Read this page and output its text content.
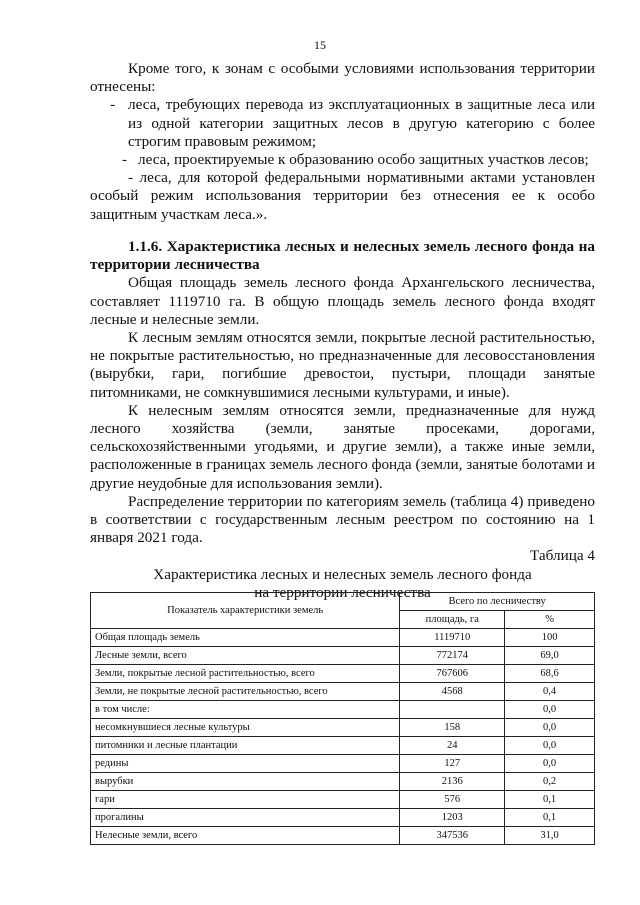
15

Кроме того, к зонам с особыми условиями использования территории отнесены:

- леса, требующих перевода из эксплуатационных в защитные леса или из одной категории защитных лесов в другую категорию с более строгим правовым режимом;

- леса, проектируемые к образованию особо защитных участков лесов;

- леса, для которой федеральными нормативными актами установлен особый режим использования территории без отнесения ее к особо защитным участкам леса.».

1.1.6. Характеристика лесных и нелесных земель лесного фонда на территории лесничества

Общая площадь земель лесного фонда Архангельского лесничества, составляет 1119710 га. В общую площадь земель лесного фонда входят лесные и нелесные земли.

К лесным землям относятся земли, покрытые лесной растительностью, не покрытые растительностью, но предназначенные для лесовосстановления (вырубки, гари, погибшие древостои, пустыри, площади занятые питомниками, не сомкнувшимися лесными культурами, и иные).

К нелесным землям относятся земли, предназначенные для нужд лесного хозяйства (земли, занятые просеками, дорогами, сельскохозяйственными угодьями, и другие земли), а также иные земли, расположенные в границах земель лесного фонда (земли, занятые болотами и другие неудобные для использования земли).

Распределение территории по категориям земель (таблица 4) приведено в соответствии с государственным лесным реестром по состоянию на 1 января 2021 года.

Таблица 4

Характеристика лесных и нелесных земель лесного фонда

на территории лесничества

Показатель характеристики земель	Всего по лесничеству	
	площадь, га	%
Общая площадь земель	1119710	100
Лесные земли, всего	772174	69,0
Земли, покрытые лесной растительностью, всего	767606	68,6
Земли, не покрытые лесной растительностью, всего	4568	0,4
в том числе:		0,0
несомкнувшиеся лесные культуры	158	0,0
питомники и лесные плантации	24	0,0
редины	127	0,0
вырубки	2136	0,2
гари	576	0,1
прогалины	1203	0,1
Нелесные земли, всего	347536	31,0
